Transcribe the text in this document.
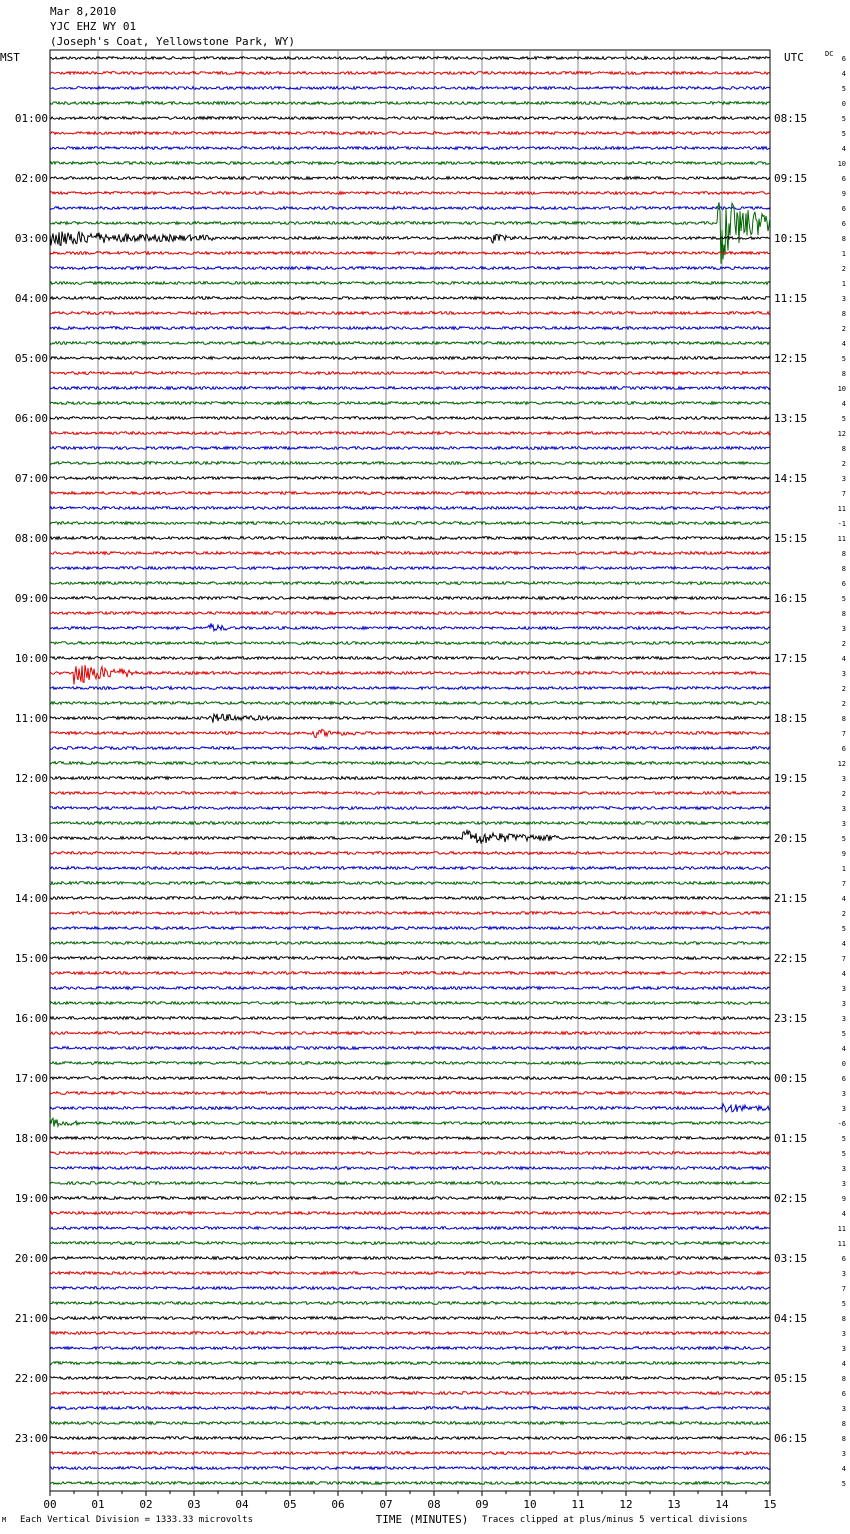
Mar 8,2010
YJC EHZ WY 01
(Joseph's Coat, Yellowstone Park, WY)
6
4
5
0
5
5
4
10
6
9
6
6
8
1
2
1
3
8
2
4
5
8
10
4
5
12
8
2
3
7
11
-1
11
8
8
6
5
8
3
2
4
3
2
2
8
7
6
12
3
2
3
3
5
9
1
7
4
2
5
4
7
4
3
3
3
5
4
0
6
3
3
-6
5
5
3
3
9
4
11
11
6
3
7
5
8
3
3
4
8
6
3
8
8
3
4
5
01:00	08:15
02:00	09:15
03:00	10:15
04:00	11:15
05:00	12:15
06:00	13:15
07:00	14:15
08:00	15:15
09:00	16:15
10:00	17:15
11:00	18:15
12:00	19:15
13:00	20:15
14:00	21:15
15:00	22:15
16:00	23:15
17:00	00:15
18:00	01:15
19:00	02:15
20:00	03:15
21:00	04:15
22:00	05:15
23:00	06:15
MST	UTC	DC
00	01	02	03	04	05	06	07	08	09	10	11	12	13	14	15
TIME (MINUTES)
M Each Vertical Division = 1333.33 microvolts	Traces clipped at plus/minus 5 vertical divisions
